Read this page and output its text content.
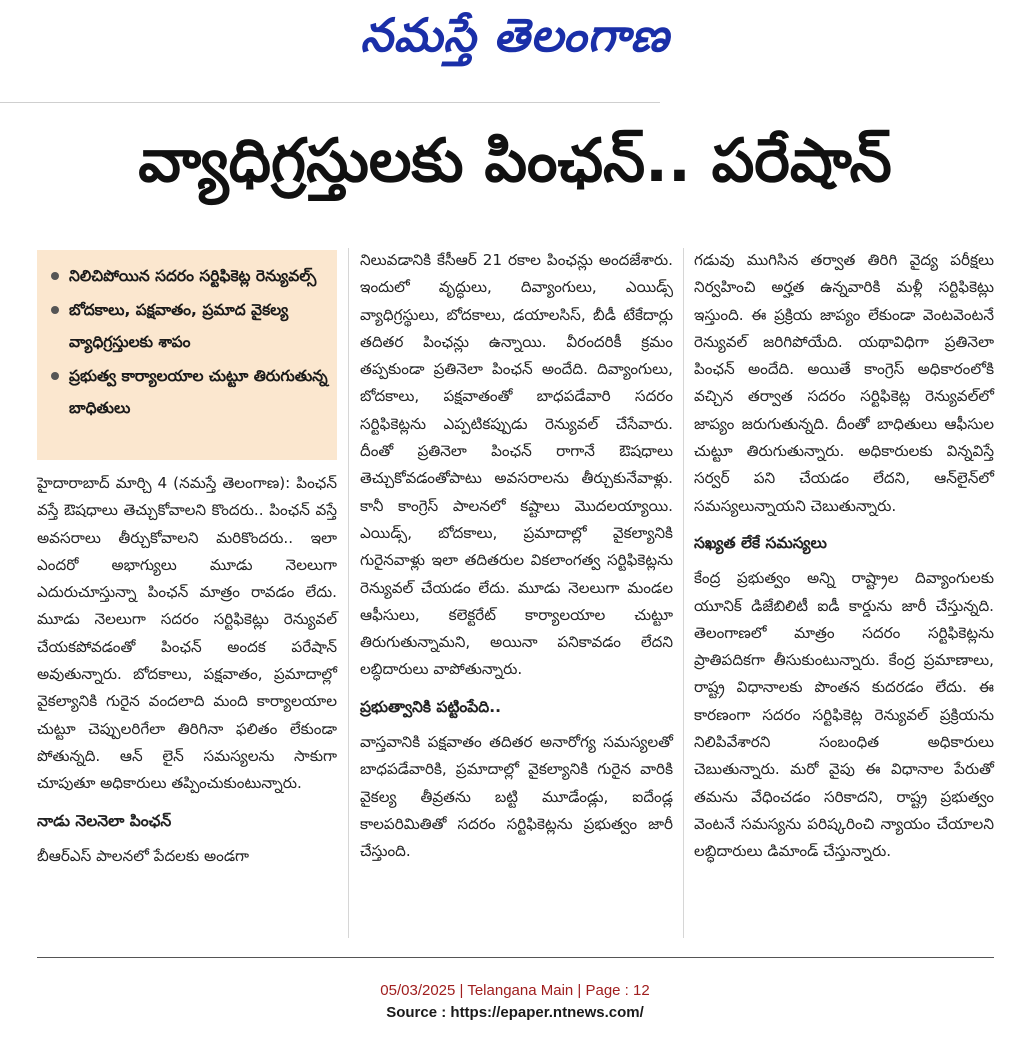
నమస్తే తెలంగాణ
వ్యాధిగ్రస్తులకు పింఛన్.. పరేషాన్
నిలిచిపోయిన సదరం సర్టిఫికెట్ల రెన్యువల్స్
బోదకాలు, పక్షవాతం, ప్రమాద వైకల్య వ్యాధిగ్రస్తులకు శాపం
ప్రభుత్వ కార్యాలయాల చుట్టూ తిరుగుతున్న బాధితులు

హైదారాబాద్ మార్చి 4 (నమస్తే తెలంగాణ): పింఛన్ వస్తే ఔషధాలు తెచ్చుకోవాలని కొందరు.. పింఛన్ వస్తే అవసరాలు తీర్చుకోవాలని మరికొందరు.. ఇలా ఎందరో అభాగ్యులు మూడు నెలలుగా ఎదురుచూస్తున్నా పింఛన్ మాత్రం రావడం లేదు. మూడు నెలలుగా సదరం సర్టిఫికెట్లు రెన్యువల్ చేయకపోవడంతో పింఛన్ అందక పరేషాన్ అవుతున్నారు. బోదకాలు, పక్షవాతం, ప్రమాదాల్లో వైకల్యానికి గురైన వందలాది మంది కార్యాలయాల చుట్టూ చెప్పులరిగేలా తిరిగినా ఫలితం లేకుండా పోతున్నది. ఆన్ లైన్ సమస్యలను సాకుగా చూపుతూ అధికారులు తప్పించుకుంటున్నారు.

నాడు నెలనెలా పింఛన్

బీఆర్ఎస్ పాలనలో పేదలకు అండగా

నిలువడానికి కేసీఆర్ 21 రకాల పింఛన్లు అందజేశారు. ఇందులో వృద్ధులు, దివ్యాంగులు, ఎయిడ్స్ వ్యాధిగ్రస్థులు, బోదకాలు, డయాలసిస్, బీడీ టేకేదార్లు తదితర పింఛన్లు ఉన్నాయి. వీరందరికీ క్రమం తప్పకుండా ప్రతినెలా పింఛన్ అందేది. దివ్యాంగులు, బోదకాలు, పక్షవాతంతో బాధపడేవారి సదరం సర్టిఫికెట్లను ఎప్పటికప్పుడు రెన్యువల్ చేసేవారు. దీంతో ప్రతినెలా పింఛన్ రాగానే ఔషధాలు తెచ్చుకోవడంతోపాటు అవసరాలను తీర్చుకునేవాళ్లు. కానీ కాంగ్రెస్ పాలనలో కష్టాలు మొదలయ్యాయి. ఎయిడ్స్, బోదకాలు, ప్రమాదాల్లో వైకల్యానికి గురైనవాళ్లు ఇలా తదితరుల వికలాంగత్వ సర్టిఫికెట్లను రెన్యువల్ చేయడం లేదు. మూడు నెలలుగా మండల ఆఫీసులు, కలెక్టరేట్ కార్యాలయాల చుట్టూ తిరుగుతున్నామని, అయినా పనికావడం లేదని లబ్ధిదారులు వాపోతున్నారు.

ప్రభుత్వానికి పట్టింపేది..

వాస్తవానికి పక్షవాతం తదితర అనారోగ్య సమస్యలతో బాధపడేవారికి, ప్రమాదాల్లో వైకల్యానికి గురైన వారికి వైకల్య తీవ్రతను బట్టి మూడేండ్లు, ఐదేండ్ల కాలపరిమితితో సదరం సర్టిఫికెట్లను ప్రభుత్వం జారీ చేస్తుంది.

గడువు ముగిసిన తర్వాత తిరిగి వైద్య పరీక్షలు నిర్వహించి అర్హత ఉన్నవారికి మళ్లీ సర్టిఫికెట్లు ఇస్తుంది. ఈ ప్రక్రియ జాప్యం లేకుండా వెంటవెంటనే రెన్యువల్ జరిగిపోయేది. యథావిధిగా ప్రతినెలా పింఛన్ అందేది. అయితే కాంగ్రెస్ అధికారంలోకి వచ్చిన తర్వాత సదరం సర్టిఫికెట్ల రెన్యువల్‌లో జాప్యం జరుగుతున్నది. దీంతో బాధితులు ఆఫీసుల చుట్టూ తిరుగుతున్నారు. అధికారులకు విన్నవిస్తే సర్వర్ పని చేయడం లేదని, ఆన్‌లైన్‌లో సమస్యలున్నాయని చెబుతున్నారు.

సఖ్యత లేకే సమస్యలు

కేంద్ర ప్రభుత్వం అన్ని రాష్ట్రాల దివ్యాంగులకు యూనిక్ డిజేబిలిటీ ఐడీ కార్డును జారీ చేస్తున్నది. తెలంగాణలో మాత్రం సదరం సర్టిఫికెట్లను ప్రాతిపదికగా తీసుకుంటున్నారు. కేంద్ర ప్రమాణాలు, రాష్ట్ర విధానాలకు పొంతన కుదరడం లేదు. ఈ కారణంగా సదరం సర్టిఫికెట్ల రెన్యువల్ ప్రక్రియను నిలిపివేశారని సంబంధిత అధికారులు చెబుతున్నారు. మరో వైపు ఈ విధానాల పేరుతో తమను వేధించడం సరికాదని, రాష్ట్ర ప్రభుత్వం వెంటనే సమస్యను పరిష్కరించి న్యాయం చేయాలని లబ్ధిదారులు డిమాండ్ చేస్తున్నారు.

05/03/2025 | Telangana Main | Page : 12
Source : https://epaper.ntnews.com/
